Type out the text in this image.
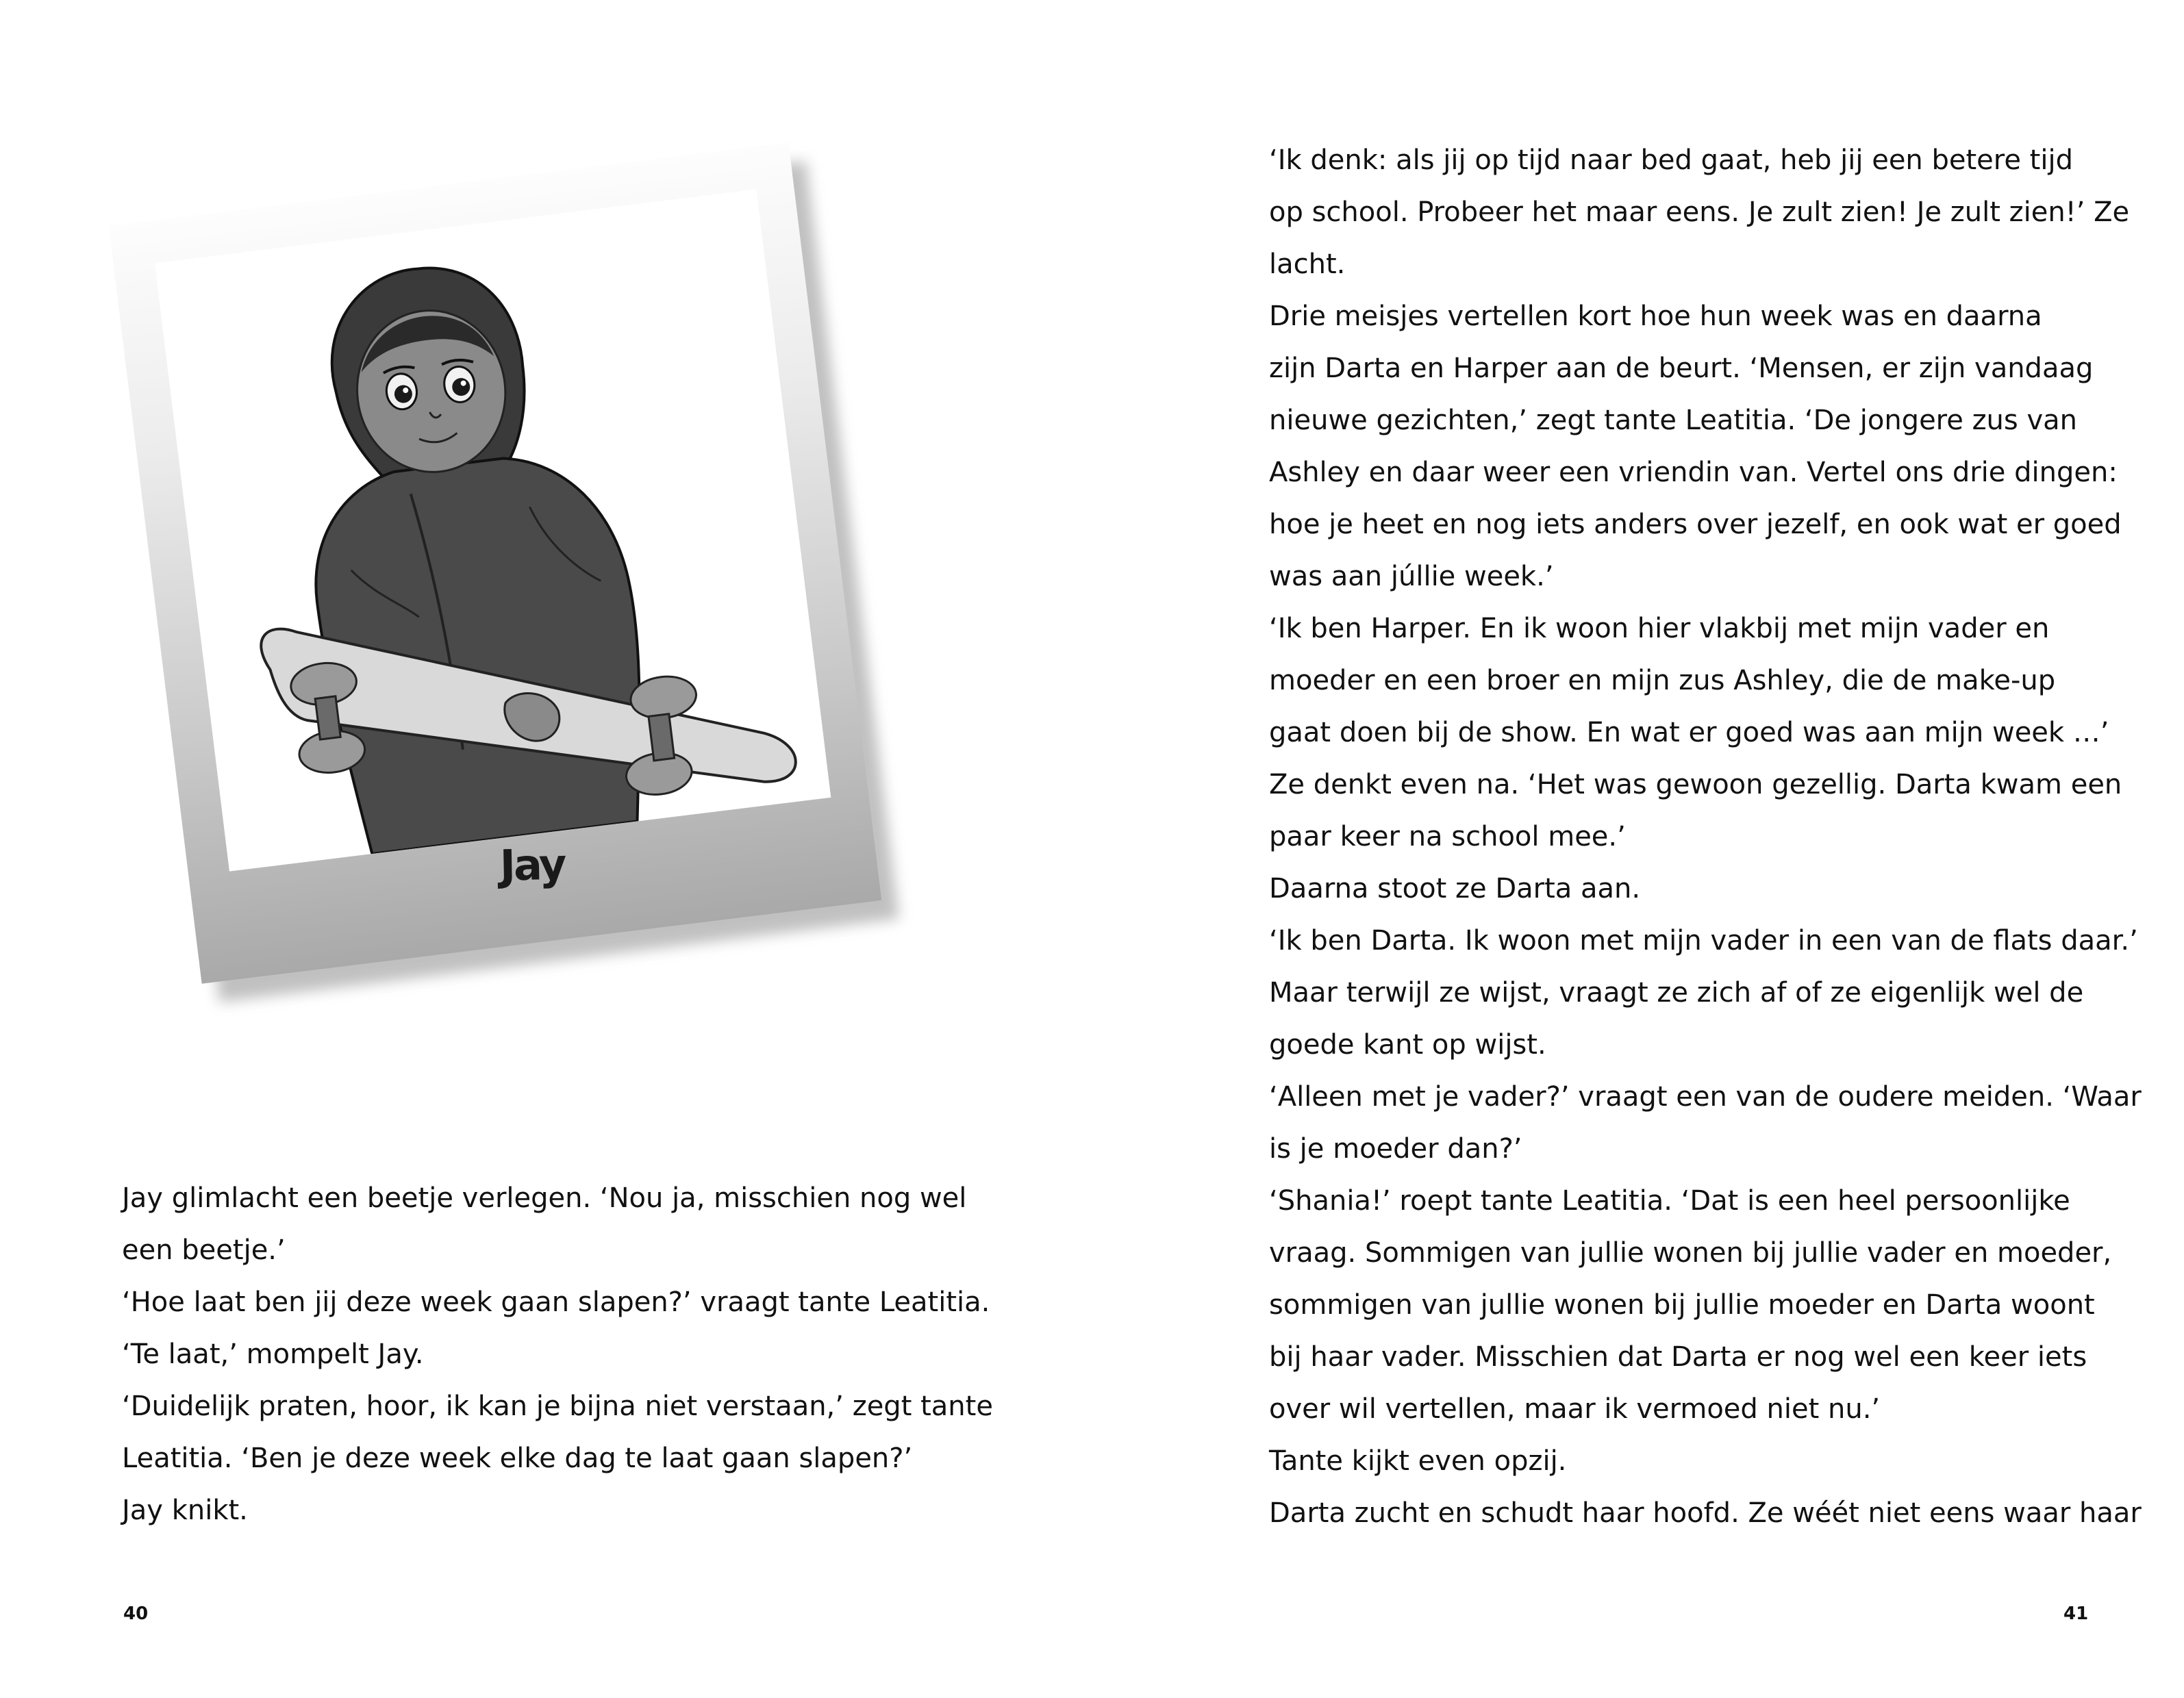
Jay

Jay glimlacht een beetje verlegen. ‘Nou ja, misschien nog wel

een beetje.’

‘Hoe laat ben jij deze week gaan slapen?’ vraagt tante Leatitia.

‘Te laat,’ mompelt Jay.

‘Duidelijk praten, hoor, ik kan je bijna niet verstaan,’ zegt tante

Leatitia. ‘Ben je deze week elke dag te laat gaan slapen?’

Jay knikt.

40

‘Ik denk: als jij op tijd naar bed gaat, heb jij een betere tijd

op school. Probeer het maar eens. Je zult zien! Je zult zien!’ Ze

lacht.

Drie meisjes vertellen kort hoe hun week was en daarna

zijn Darta en Harper aan de beurt. ‘Mensen, er zijn vandaag

nieuwe gezichten,’ zegt tante Leatitia. ‘De jongere zus van

Ashley en daar weer een vriendin van. Vertel ons drie dingen:

hoe je heet en nog iets anders over jezelf, en ook wat er goed

was aan júllie week.’

‘Ik ben Harper. En ik woon hier vlakbij met mijn vader en

moeder en een broer en mijn zus Ashley, die de make-up

gaat doen bij de show. En wat er goed was aan mijn week …’

Ze denkt even na. ‘Het was gewoon gezellig. Darta kwam een

paar keer na school mee.’

Daarna stoot ze Darta aan.

‘Ik ben Darta. Ik woon met mijn vader in een van de flats daar.’

Maar terwijl ze wijst, vraagt ze zich af of ze eigenlijk wel de

goede kant op wijst.

‘Alleen met je vader?’ vraagt een van de oudere meiden. ‘Waar

is je moeder dan?’

‘Shania!’ roept tante Leatitia. ‘Dat is een heel persoonlijke

vraag. Sommigen van jullie wonen bij jullie vader en moeder,

sommigen van jullie wonen bij jullie moeder en Darta woont

bij haar vader. Misschien dat Darta er nog wel een keer iets

over wil vertellen, maar ik vermoed niet nu.’

Tante kijkt even opzij.

Darta zucht en schudt haar hoofd. Ze wéét niet eens waar haar

41
